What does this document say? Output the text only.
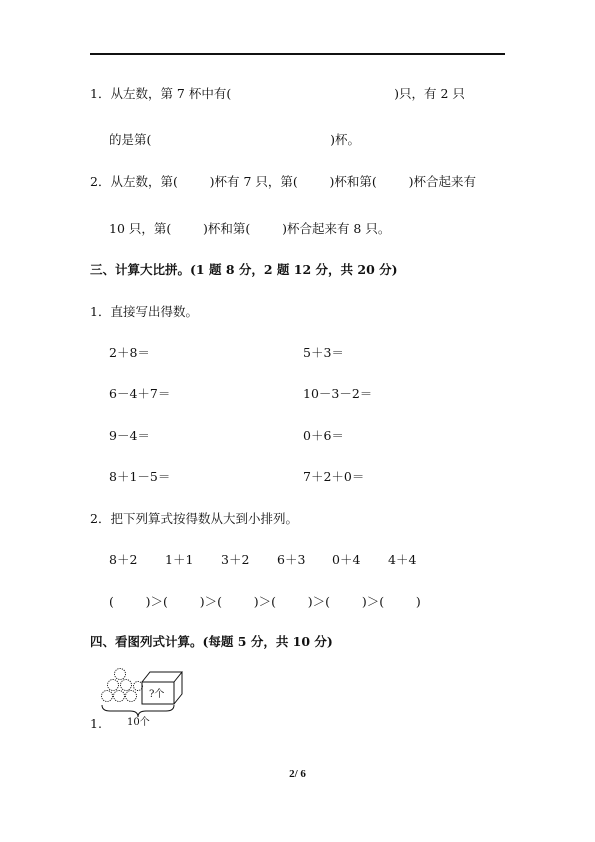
1．从左数，第 7 杯中有(                                         )只，有 2 只
的是第(                                             )杯。
2．从左数，第(        )杯有 7 只，第(        )杯和第(        )杯合起来有
10 只，第(        )杯和第(        )杯合起来有 8 只。
三、计算大比拼。(1 题 8 分，2 题 12 分，共 20 分)
1．直接写出得数。
2＋8＝
6－4＋7＝
9－4＝
8＋1－5＝
5＋3＝
10－3－2＝
0＋6＝
7＋2＋0＝
2．把下列算式按得数从大到小排列。
8＋2 1＋1 3＋2 6＋3 0＋4 4＋4
(        )＞(        )＞(        )＞(        )＞(        )＞(        )
四、看图列式计算。(每题 5 分，共 10 分)
?个
10个
1.
2/ 6
